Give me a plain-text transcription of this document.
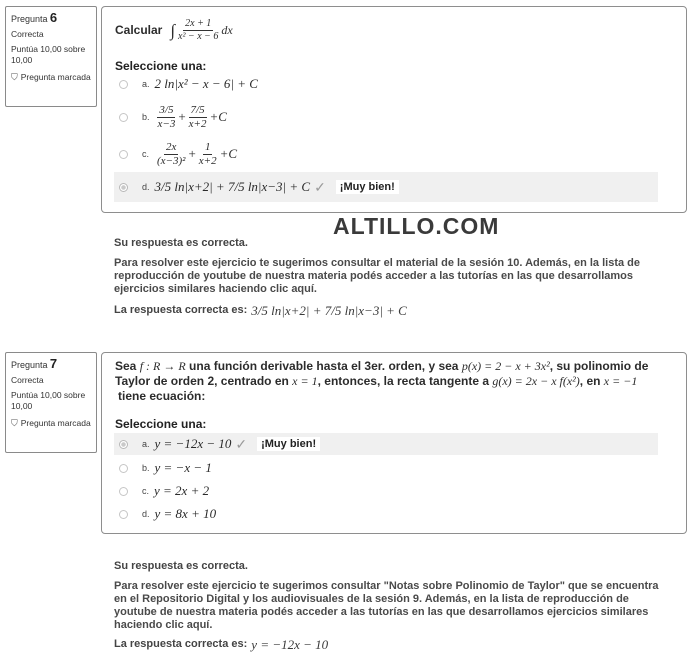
Pregunta 6
Correcta
Puntúa 10,00 sobre 10,00
⛉ Pregunta marcada
Calcular ∫ $\frac{2x + 1}{\text{x² − x − 6}}$ dx
Seleccione una:
a. 2 ln|x² − x − 6| + C
b. $\frac{3/5}{x-3} + \frac{7/5}{x+2} +C$
c. $\frac{2x}{\text{(x−3)²}} + \frac{1}{x+2} +C$
d. 3/5 ln|x+2| + 7/5 ln|x−3| + C ✓	¡Muy bien!
ALTILLO.COM
Su respuesta es correcta.

Para resolver este ejercicio te sugerimos consultar el material de la sesión 10. Además, en la lista de reproducción de youtube de nuestra materia podés acceder a las tutorías en las que desarrollamos ejercicios similares haciendo clic aquí.

La respuesta correcta es: 3/5 ln|x+2| + 7/5 ln|x−3| + C
Pregunta 7
Correcta
Puntúa 10,00 sobre 10,00
⛉ Pregunta marcada
Sea f : R → R una función derivable hasta el 3er. orden, y sea p(x) = 2 − x + 3x², su polinomio de
Taylor de orden 2, centrado en x = 1, entonces, la recta tangente a g(x) = 2x − x f(x²), en x = −1
tiene ecuación:
Seleccione una:
a. y = −12x − 10 ✓	¡Muy bien!
b. y = −x − 1
c. y = 2x + 2
d. y = 8x + 10
Su respuesta es correcta.

Para resolver este ejercicio te sugerimos consultar "Notas sobre Polinomio de Taylor" que se encuentra en el Repositorio Digital y los audiovisuales de la sesión 9. Además, en la lista de reproducción de youtube de nuestra materia podés acceder a las tutorías en las que desarrollamos ejercicios similares haciendo clic aquí.

La respuesta correcta es: y = −12x − 10
